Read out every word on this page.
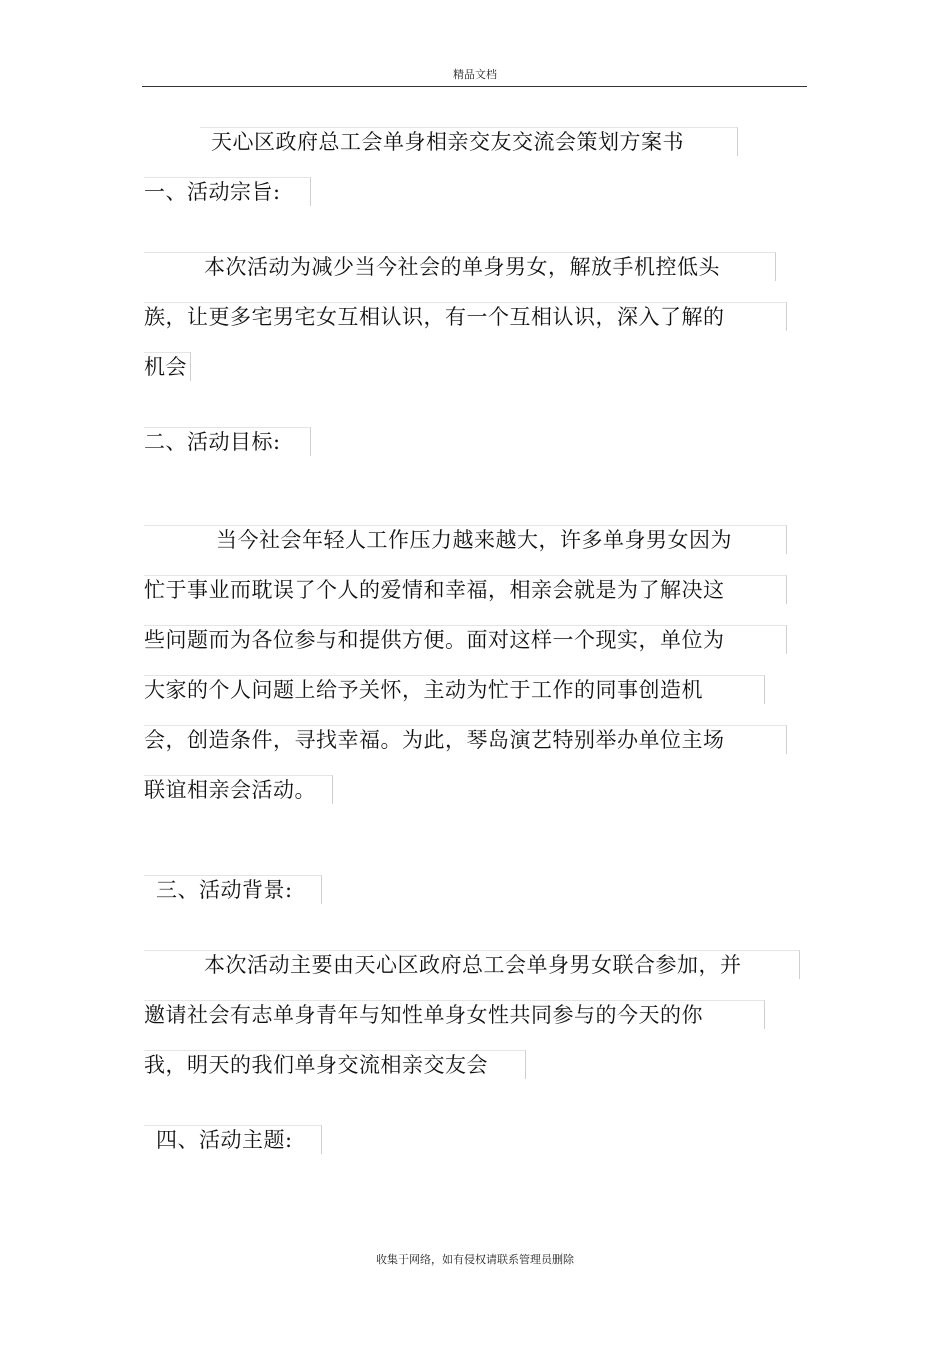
精品文档
天心区政府总工会单身相亲交友交流会策划方案书
一、活动宗旨:
本次活动为减少当今社会的单身男女，解放手机控低头
族，让更多宅男宅女互相认识，有一个互相认识，深入了解的
机会
二、活动目标:
当今社会年轻人工作压力越来越大，许多单身男女因为
忙于事业而耽误了个人的爱情和幸福，相亲会就是为了解决这
些问题而为各位参与和提供方便。面对这样一个现实，单位为
大家的个人问题上给予关怀，主动为忙于工作的同事创造机
会，创造条件，寻找幸福。为此，琴岛演艺特别举办单位主场
联谊相亲会活动。
三、活动背景:
本次活动主要由天心区政府总工会单身男女联合参加，并
邀请社会有志单身青年与知性单身女性共同参与的今天的你
我，明天的我们单身交流相亲交友会
四、活动主题:
收集于网络，如有侵权请联系管理员删除
